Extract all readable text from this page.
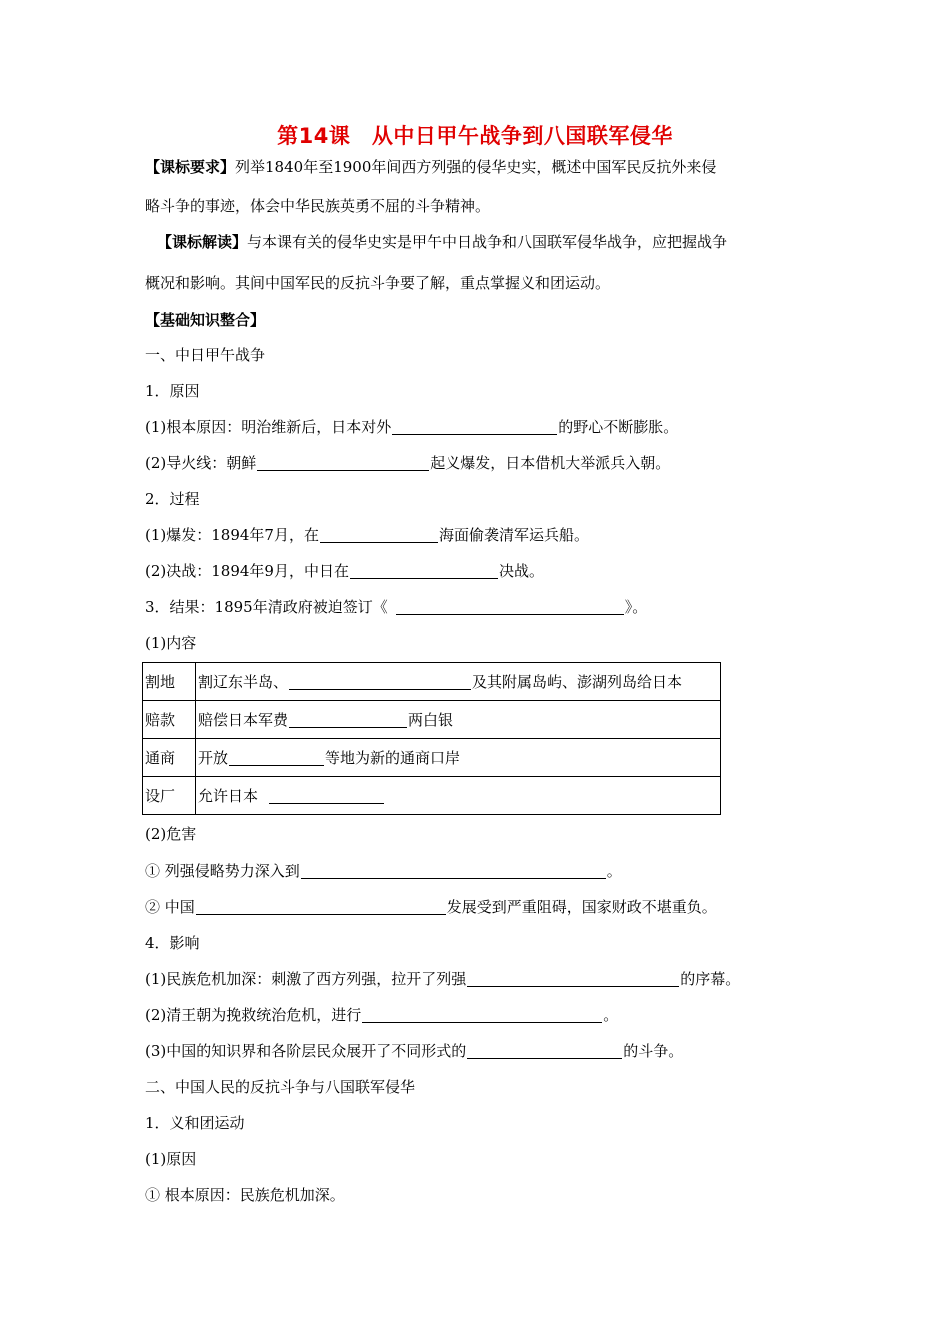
第14课　从中日甲午战争到八国联军侵华
【课标要求】列举1840年至1900年间西方列强的侵华史实，概述中国军民反抗外来侵
略斗争的事迹，体会中华民族英勇不屈的斗争精神。
【课标解读】与本课有关的侵华史实是甲午中日战争和八国联军侵华战争，应把握战争
概况和影响。其间中国军民的反抗斗争要了解，重点掌握义和团运动。
【基础知识整合】
一、中日甲午战争
1．原因
(1)根本原因：明治维新后，日本对外	的野心不断膨胀。
(2)导火线：朝鲜	起义爆发，日本借机大举派兵入朝。
2．过程
(1)爆发：1894年7月，在	海面偷袭清军运兵船。
(2)决战：1894年9月，中日在	决战。
3．结果：1895年清政府被迫签订《	》。
(1)内容
割地	割辽东半岛、 及其附属岛屿、澎湖列岛给日本
赔款	赔偿日本军费 两白银
通商	开放 等地为新的通商口岸
设厂	允许日本
(2)危害
① 列强侵略势力深入到	。
② 中国	发展受到严重阻碍，国家财政不堪重负。
4．影响
(1)民族危机加深：刺激了西方列强，拉开了列强	的序幕。
(2)清王朝为挽救统治危机，进行	。
(3)中国的知识界和各阶层民众展开了不同形式的	的斗争。
二、中国人民的反抗斗争与八国联军侵华
1．义和团运动
(1)原因
① 根本原因：民族危机加深。
